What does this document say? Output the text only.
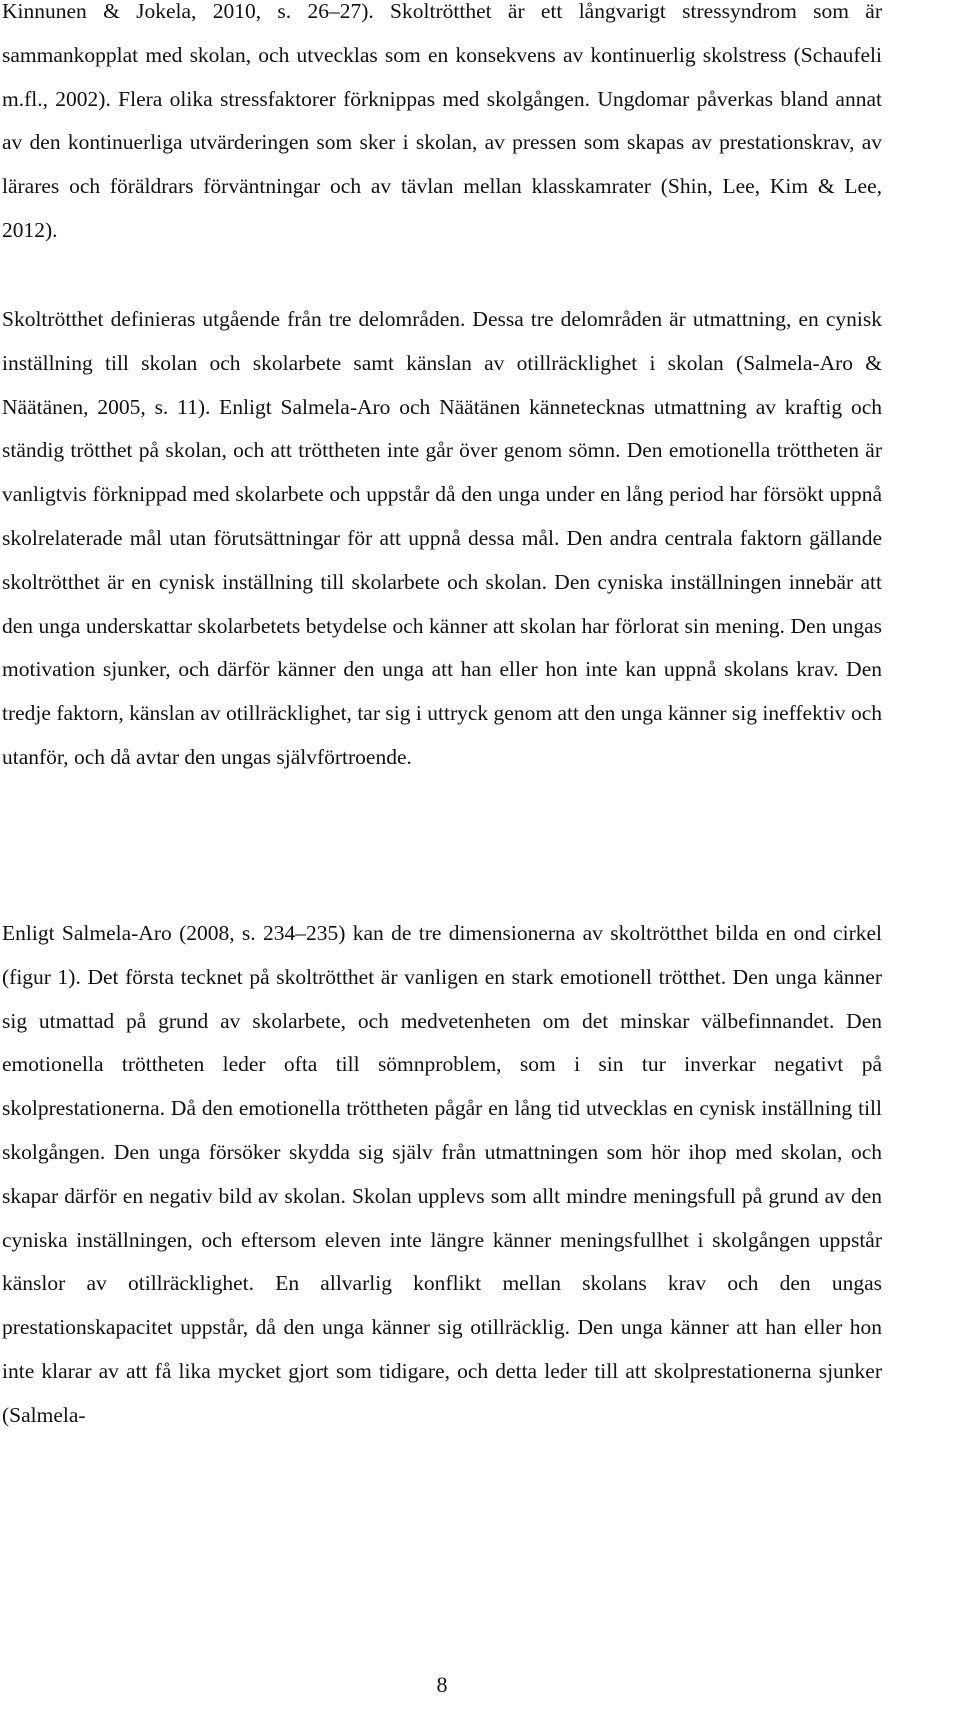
Kinnunen & Jokela, 2010, s. 26–27). Skoltrötthet är ett långvarigt stressyndrom som är sammankopplat med skolan, och utvecklas som en konsekvens av kontinuerlig skolstress (Schaufeli m.fl., 2002). Flera olika stressfaktorer förknippas med skolgången. Ungdomar påverkas bland annat av den kontinuerliga utvärderingen som sker i skolan, av pressen som skapas av prestationskrav, av lärares och föräldrars förväntningar och av tävlan mellan klasskamrater (Shin, Lee, Kim & Lee, 2012).

Skoltrötthet definieras utgående från tre delområden. Dessa tre delområden är utmattning, en cynisk inställning till skolan och skolarbete samt känslan av otillräcklighet i skolan (Salmela-Aro & Näätänen, 2005, s. 11). Enligt Salmela-Aro och Näätänen kännetecknas utmattning av kraftig och ständig trötthet på skolan, och att tröttheten inte går över genom sömn. Den emotionella tröttheten är vanligtvis förknippad med skolarbete och uppstår då den unga under en lång period har försökt uppnå skolrelaterade mål utan förutsättningar för att uppnå dessa mål. Den andra centrala faktorn gällande skoltrötthet är en cynisk inställning till skolarbete och skolan. Den cyniska inställningen innebär att den unga underskattar skolarbetets betydelse och känner att skolan har förlorat sin mening. Den ungas motivation sjunker, och därför känner den unga att han eller hon inte kan uppnå skolans krav. Den tredje faktorn, känslan av otillräcklighet, tar sig i uttryck genom att den unga känner sig ineffektiv och utanför, och då avtar den ungas självförtroende.

Enligt Salmela-Aro (2008, s. 234–235) kan de tre dimensionerna av skoltrötthet bilda en ond cirkel (figur 1). Det första tecknet på skoltrötthet är vanligen en stark emotionell trötthet. Den unga känner sig utmattad på grund av skolarbete, och medvetenheten om det minskar välbefinnandet. Den emotionella tröttheten leder ofta till sömnproblem, som i sin tur inverkar negativt på skolprestationerna. Då den emotionella tröttheten pågår en lång tid utvecklas en cynisk inställning till skolgången. Den unga försöker skydda sig själv från utmattningen som hör ihop med skolan, och skapar därför en negativ bild av skolan. Skolan upplevs som allt mindre meningsfull på grund av den cyniska inställningen, och eftersom eleven inte längre känner meningsfullhet i skolgången uppstår känslor av otillräcklighet. En allvarlig konflikt mellan skolans krav och den ungas prestationskapacitet uppstår, då den unga känner sig otillräcklig. Den unga känner att han eller hon inte klarar av att få lika mycket gjort som tidigare, och detta leder till att skolprestationerna sjunker (Salmela-

8
